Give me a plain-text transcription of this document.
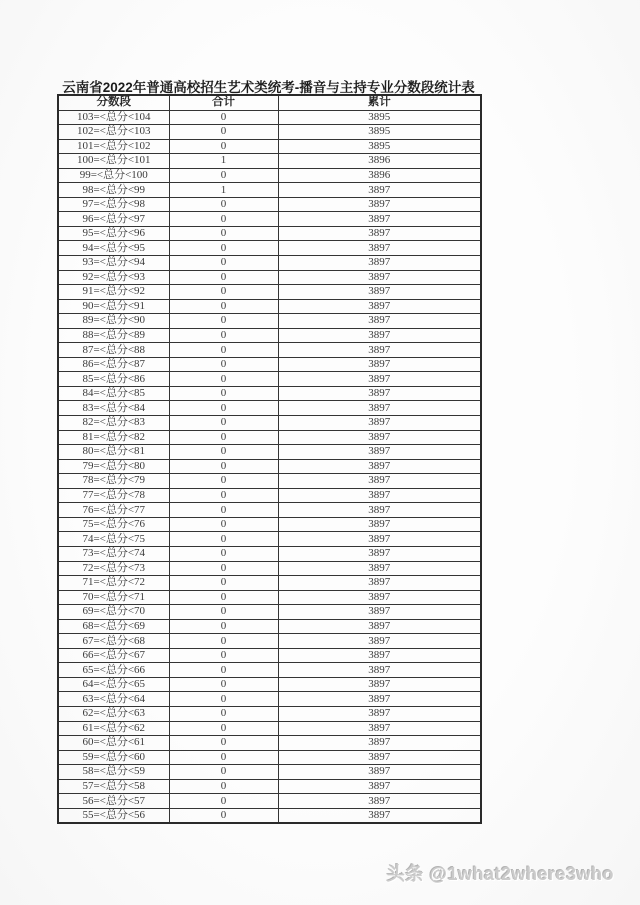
云南省2022年普通高校招生艺术类统考-播音与主持专业分数段统计表
分数段	合计	累计
103=<总分<104	0	3895
102=<总分<103	0	3895
101=<总分<102	0	3895
100=<总分<101	1	3896
99=<总分<100	0	3896
98=<总分<99	1	3897
97=<总分<98	0	3897
96=<总分<97	0	3897
95=<总分<96	0	3897
94=<总分<95	0	3897
93=<总分<94	0	3897
92=<总分<93	0	3897
91=<总分<92	0	3897
90=<总分<91	0	3897
89=<总分<90	0	3897
88=<总分<89	0	3897
87=<总分<88	0	3897
86=<总分<87	0	3897
85=<总分<86	0	3897
84=<总分<85	0	3897
83=<总分<84	0	3897
82=<总分<83	0	3897
81=<总分<82	0	3897
80=<总分<81	0	3897
79=<总分<80	0	3897
78=<总分<79	0	3897
77=<总分<78	0	3897
76=<总分<77	0	3897
75=<总分<76	0	3897
74=<总分<75	0	3897
73=<总分<74	0	3897
72=<总分<73	0	3897
71=<总分<72	0	3897
70=<总分<71	0	3897
69=<总分<70	0	3897
68=<总分<69	0	3897
67=<总分<68	0	3897
66=<总分<67	0	3897
65=<总分<66	0	3897
64=<总分<65	0	3897
63=<总分<64	0	3897
62=<总分<63	0	3897
61=<总分<62	0	3897
60=<总分<61	0	3897
59=<总分<60	0	3897
58=<总分<59	0	3897
57=<总分<58	0	3897
56=<总分<57	0	3897
55=<总分<56	0	3897
头条 @1what2where3who
